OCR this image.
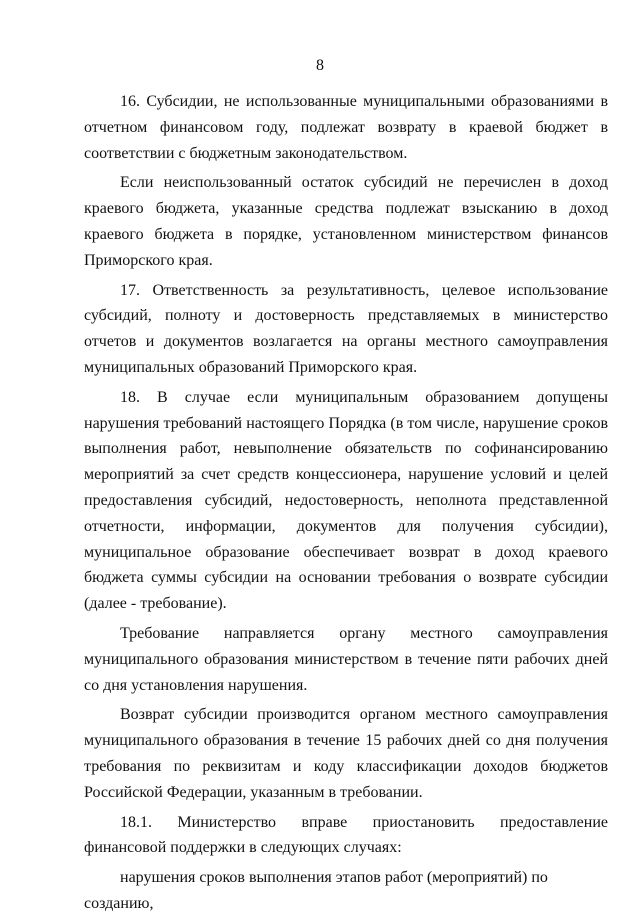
8

16. Субсидии, не использованные муниципальными образованиями в отчетном финансовом году, подлежат возврату в краевой бюджет в соответствии с бюджетным законодательством.

Если неиспользованный остаток субсидий не перечислен в доход краевого бюджета, указанные средства подлежат взысканию в доход краевого бюджета в порядке, установленном министерством финансов Приморского края.

17. Ответственность за результативность, целевое использование субсидий, полноту и достоверность представляемых в министерство отчетов и документов возлагается на органы местного самоуправления муниципальных образований Приморского края.

18. В случае если муниципальным образованием допущены нарушения требований настоящего Порядка (в том числе, нарушение сроков выполнения работ, невыполнение обязательств по софинансированию мероприятий за счет средств концессионера, нарушение условий и целей предоставления субсидий, недостоверность, неполнота представленной отчетности, информации, документов для получения субсидии), муниципальное образование обеспечивает возврат в доход краевого бюджета суммы субсидии на основании требования о возврате субсидии (далее - требование).

Требование направляется органу местного самоуправления муниципального образования министерством в течение пяти рабочих дней со дня установления нарушения.

Возврат субсидии производится органом местного самоуправления муниципального образования в течение 15 рабочих дней со дня получения требования по реквизитам и коду классификации доходов бюджетов Российской Федерации, указанным в требовании.

18.1. Министерство вправе приостановить предоставление финансовой поддержки в следующих случаях:

нарушения сроков выполнения этапов работ (мероприятий) по созданию,
